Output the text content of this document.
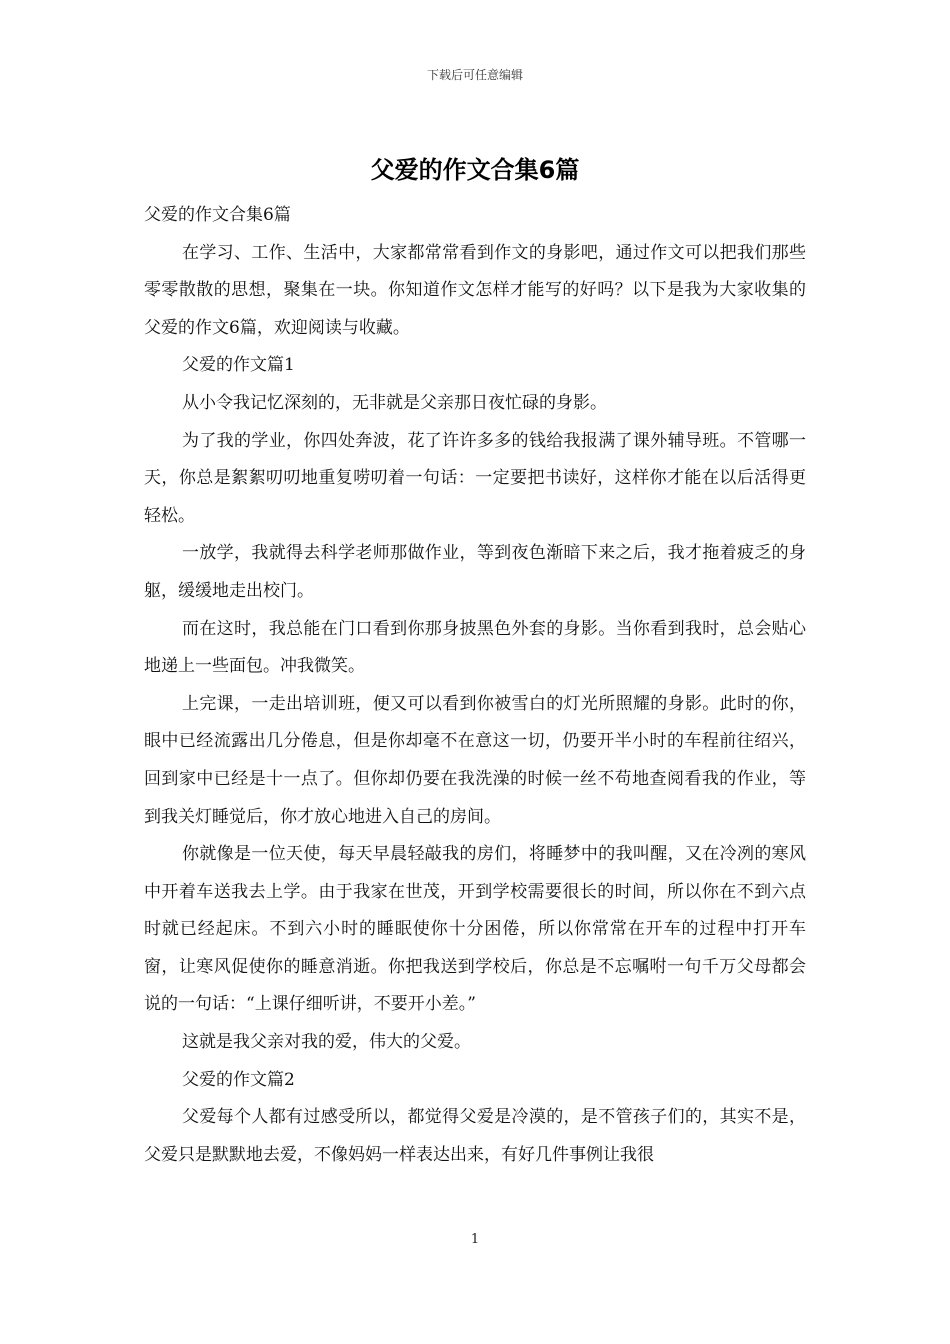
下载后可任意编辑
父爱的作文合集6篇

父爱的作文合集6篇

在学习、工作、生活中，大家都常常看到作文的身影吧，通过作文可以把我们那些零零散散的思想，聚集在一块。你知道作文怎样才能写的好吗？以下是我为大家收集的父爱的作文6篇，欢迎阅读与收藏。

父爱的作文篇1

从小令我记忆深刻的，无非就是父亲那日夜忙碌的身影。

为了我的学业，你四处奔波，花了许许多多的钱给我报满了课外辅导班。不管哪一天，你总是絮絮叨叨地重复唠叨着一句话：一定要把书读好，这样你才能在以后活得更轻松。

一放学，我就得去科学老师那做作业，等到夜色渐暗下来之后，我才拖着疲乏的身躯，缓缓地走出校门。

而在这时，我总能在门口看到你那身披黑色外套的身影。当你看到我时，总会贴心地递上一些面包。冲我微笑。

上完课，一走出培训班，便又可以看到你被雪白的灯光所照耀的身影。此时的你，眼中已经流露出几分倦息，但是你却毫不在意这一切，仍要开半小时的车程前往绍兴，回到家中已经是十一点了。但你却仍要在我洗澡的时候一丝不苟地查阅看我的作业，等到我关灯睡觉后，你才放心地进入自己的房间。

你就像是一位天使，每天早晨轻敲我的房们，将睡梦中的我叫醒，又在冷冽的寒风中开着车送我去上学。由于我家在世茂，开到学校需要很长的时间，所以你在不到六点时就已经起床。不到六小时的睡眠使你十分困倦，所以你常常在开车的过程中打开车窗，让寒风促使你的睡意消逝。你把我送到学校后，你总是不忘嘱咐一句千万父母都会说的一句话：“上课仔细听讲，不要开小差。”

这就是我父亲对我的爱，伟大的父爱。

父爱的作文篇2

父爱每个人都有过感受所以，都觉得父爱是冷漠的，是不管孩子们的，其实不是，父爱只是默默地去爱，不像妈妈一样表达出来，有好几件事例让我很

1
